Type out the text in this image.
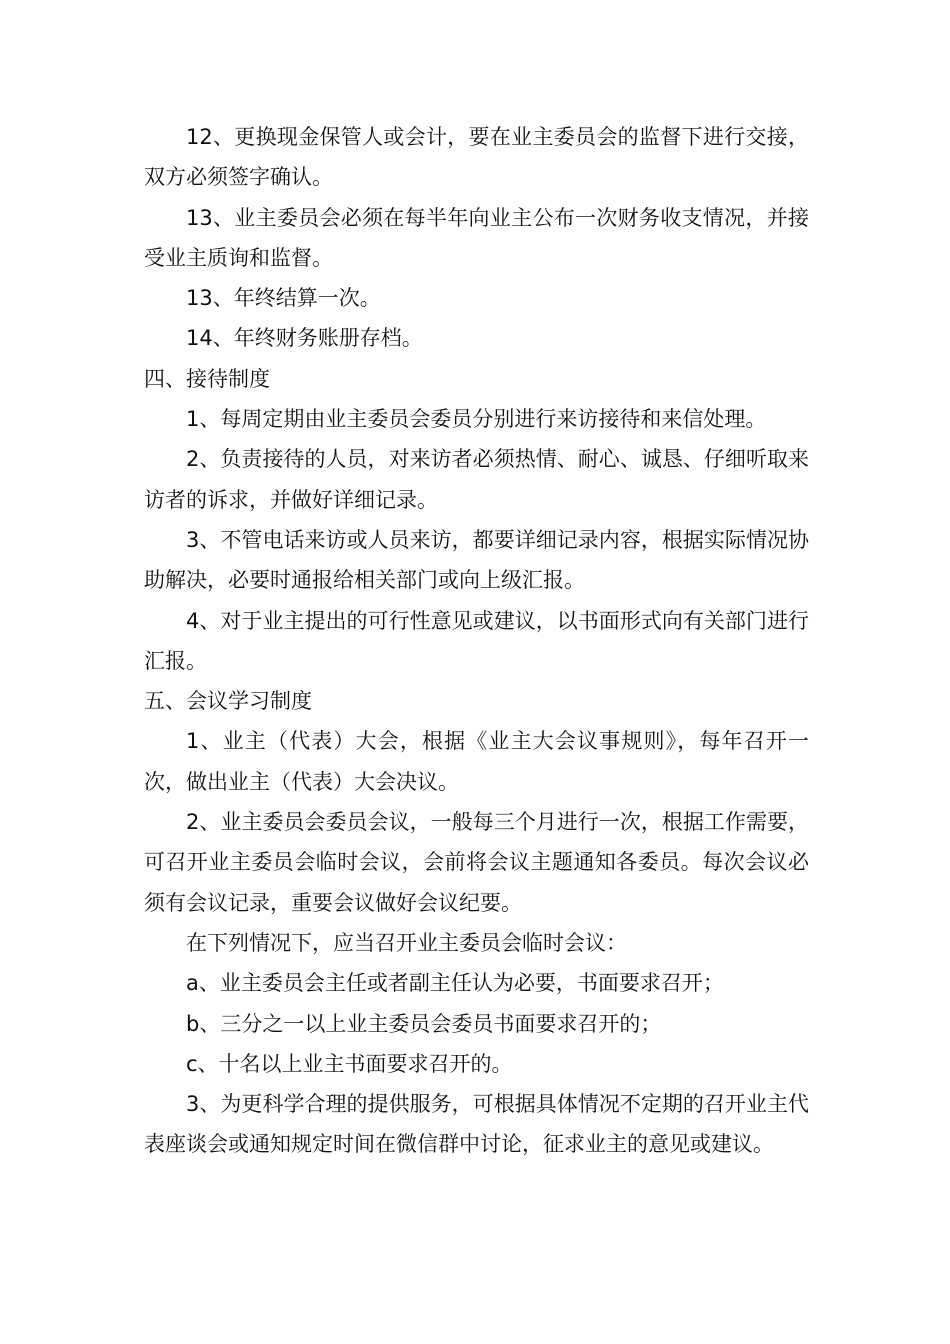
12、更换现金保管人或会计，要在业主委员会的监督下进行交接，双方必须签字确认。

13、业主委员会必须在每半年向业主公布一次财务收支情况，并接受业主质询和监督。

13、年终结算一次。

14、年终财务账册存档。

四、接待制度

1、每周定期由业主委员会委员分别进行来访接待和来信处理。

2、负责接待的人员，对来访者必须热情、耐心、诚恳、仔细听取来访者的诉求，并做好详细记录。

3、不管电话来访或人员来访，都要详细记录内容，根据实际情况协助解决，必要时通报给相关部门或向上级汇报。

4、对于业主提出的可行性意见或建议，以书面形式向有关部门进行汇报。

五、会议学习制度

1、业主（代表）大会，根据《业主大会议事规则》，每年召开一次，做出业主（代表）大会决议。

2、业主委员会委员会议，一般每三个月进行一次，根据工作需要，可召开业主委员会临时会议，会前将会议主题通知各委员。每次会议必须有会议记录，重要会议做好会议纪要。

在下列情况下，应当召开业主委员会临时会议：

a、业主委员会主任或者副主任认为必要，书面要求召开；

b、三分之一以上业主委员会委员书面要求召开的；

c、十名以上业主书面要求召开的。

3、为更科学合理的提供服务，可根据具体情况不定期的召开业主代表座谈会或通知规定时间在微信群中讨论，征求业主的意见或建议。
